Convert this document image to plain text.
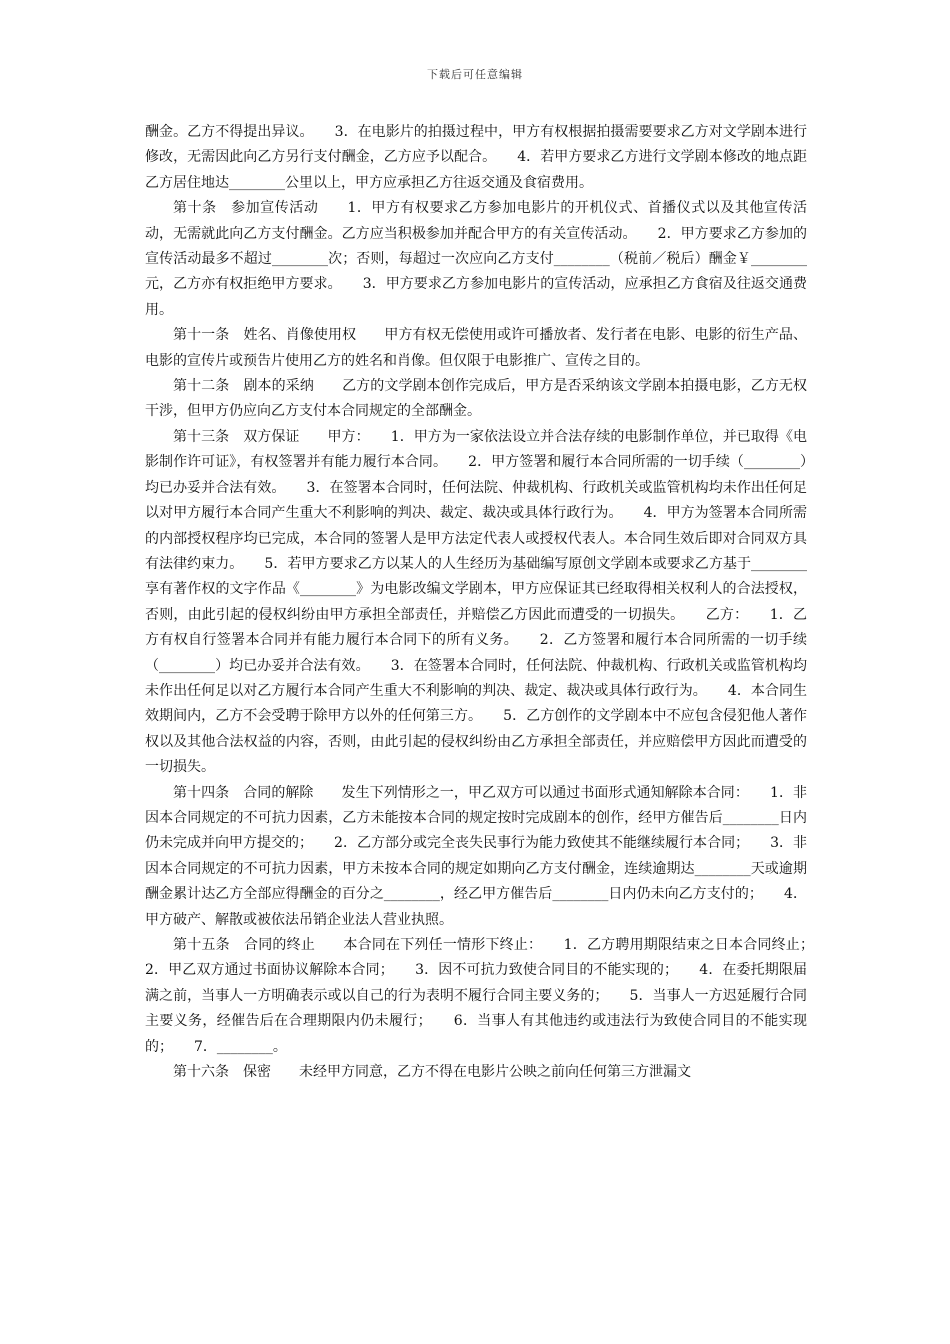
下载后可任意编辑

酬金。乙方不得提出异议。　　3．在电影片的拍摄过程中，甲方有权根据拍摄需要要求乙方对文学剧本进行修改，无需因此向乙方另行支付酬金，乙方应予以配合。　　4．若甲方要求乙方进行文学剧本修改的地点距乙方居住地达________公里以上，甲方应承担乙方往返交通及食宿费用。

第十条　参加宣传活动　　1．甲方有权要求乙方参加电影片的开机仪式、首播仪式以及其他宣传活动，无需就此向乙方支付酬金。乙方应当积极参加并配合甲方的有关宣传活动。　　2．甲方要求乙方参加的宣传活动最多不超过________次；否则，每超过一次应向乙方支付________（税前／税后）酬金￥________元，乙方亦有权拒绝甲方要求。　　3．甲方要求乙方参加电影片的宣传活动，应承担乙方食宿及往返交通费用。

第十一条　姓名、肖像使用权　　甲方有权无偿使用或许可播放者、发行者在电影、电影的衍生产品、电影的宣传片或预告片使用乙方的姓名和肖像。但仅限于电影推广、宣传之目的。

第十二条　剧本的采纳　　乙方的文学剧本创作完成后，甲方是否采纳该文学剧本拍摄电影，乙方无权干涉，但甲方仍应向乙方支付本合同规定的全部酬金。

第十三条　双方保证　　甲方：　　1．甲方为一家依法设立并合法存续的电影制作单位，并已取得《电影制作许可证》，有权签署并有能力履行本合同。　　2．甲方签署和履行本合同所需的一切手续（________）均已办妥并合法有效。　　3．在签署本合同时，任何法院、仲裁机构、行政机关或监管机构均未作出任何足以对甲方履行本合同产生重大不利影响的判决、裁定、裁决或具体行政行为。　　4．甲方为签署本合同所需的内部授权程序均已完成，本合同的签署人是甲方法定代表人或授权代表人。本合同生效后即对合同双方具有法律约束力。　　5．若甲方要求乙方以某人的人生经历为基础编写原创文学剧本或要求乙方基于________享有著作权的文字作品《________》为电影改编文学剧本，甲方应保证其已经取得相关权利人的合法授权，否则，由此引起的侵权纠纷由甲方承担全部责任，并赔偿乙方因此而遭受的一切损失。　　乙方：　　1．乙方有权自行签署本合同并有能力履行本合同下的所有义务。　　2．乙方签署和履行本合同所需的一切手续（________）均已办妥并合法有效。　　3．在签署本合同时，任何法院、仲裁机构、行政机关或监管机构均未作出任何足以对乙方履行本合同产生重大不利影响的判决、裁定、裁决或具体行政行为。　　4．本合同生效期间内，乙方不会受聘于除甲方以外的任何第三方。　　5．乙方创作的文学剧本中不应包含侵犯他人著作权以及其他合法权益的内容，否则，由此引起的侵权纠纷由乙方承担全部责任，并应赔偿甲方因此而遭受的一切损失。

第十四条　合同的解除　　发生下列情形之一，甲乙双方可以通过书面形式通知解除本合同：　　1．非因本合同规定的不可抗力因素，乙方未能按本合同的规定按时完成剧本的创作，经甲方催告后________日内仍未完成并向甲方提交的；　　2．乙方部分或完全丧失民事行为能力致使其不能继续履行本合同；　　3．非因本合同规定的不可抗力因素，甲方未按本合同的规定如期向乙方支付酬金，连续逾期达________天或逾期酬金累计达乙方全部应得酬金的百分之________，经乙甲方催告后________日内仍未向乙方支付的；　　4．甲方破产、解散或被依法吊销企业法人营业执照。

第十五条　合同的终止　　本合同在下列任一情形下终止：　　1．乙方聘用期限结束之日本合同终止；　　2．甲乙双方通过书面协议解除本合同；　　3．因不可抗力致使合同目的不能实现的；　　4．在委托期限届满之前，当事人一方明确表示或以自己的行为表明不履行合同主要义务的；　　5．当事人一方迟延履行合同主要义务，经催告后在合理期限内仍未履行；　　6．当事人有其他违约或违法行为致使合同目的不能实现的；　　7．________。

第十六条　保密　　未经甲方同意，乙方不得在电影片公映之前向任何第三方泄漏文
